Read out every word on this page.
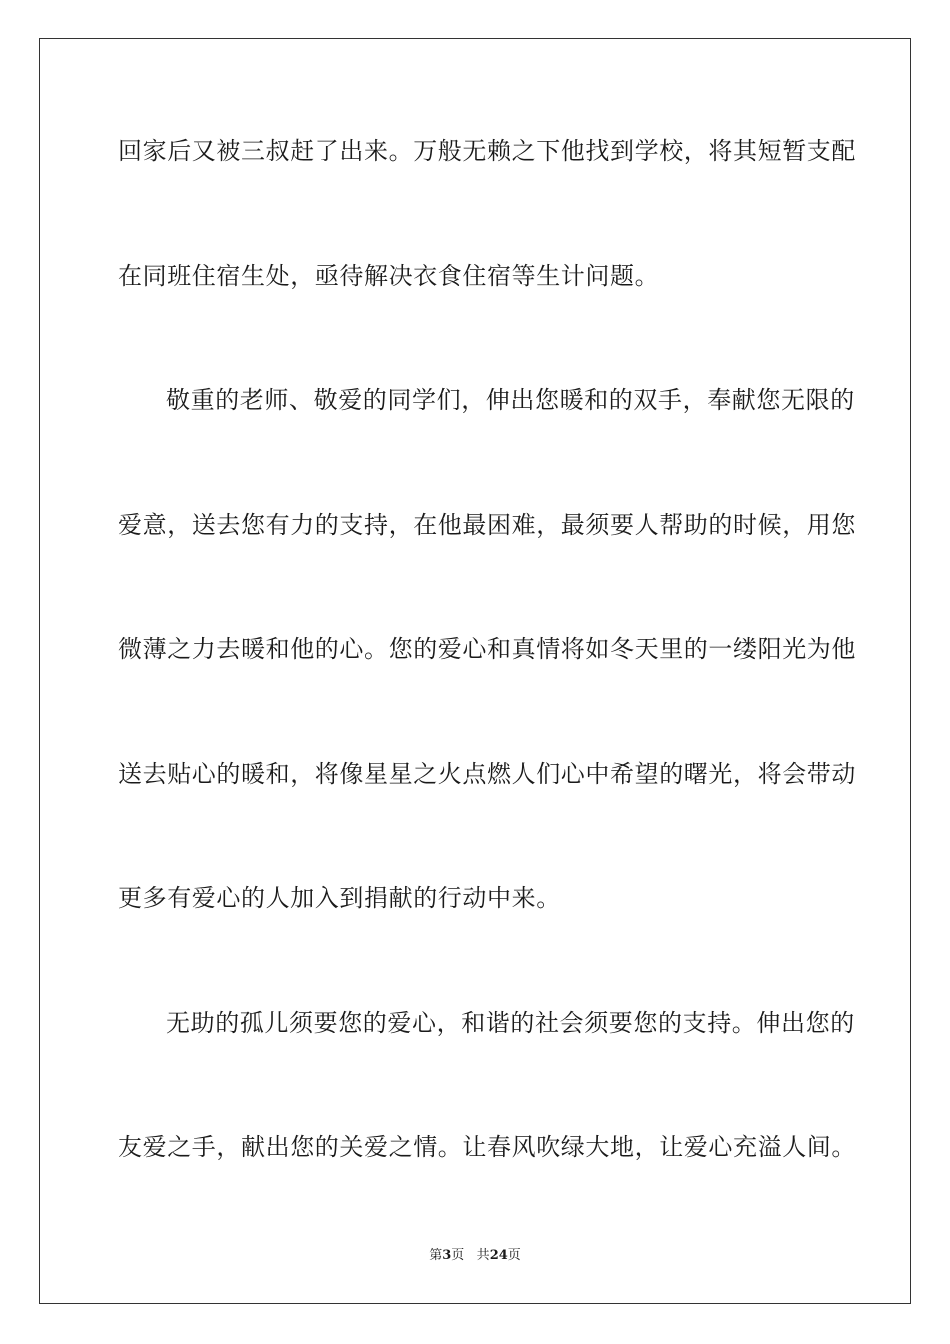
回家后又被三叔赶了出来。万般无赖之下他找到学校，将其短暂支配
在同班住宿生处，亟待解决衣食住宿等生计问题。
敬重的老师、敬爱的同学们，伸出您暖和的双手，奉献您无限的
爱意，送去您有力的支持，在他最困难，最须要人帮助的时候，用您
微薄之力去暖和他的心。您的爱心和真情将如冬天里的一缕阳光为他
送去贴心的暖和，将像星星之火点燃人们心中希望的曙光，将会带动
更多有爱心的人加入到捐献的行动中来。
无助的孤儿须要您的爱心，和谐的社会须要您的支持。伸出您的
友爱之手，献出您的关爱之情。让春风吹绿大地，让爱心充溢人间。
第3页 共24页
